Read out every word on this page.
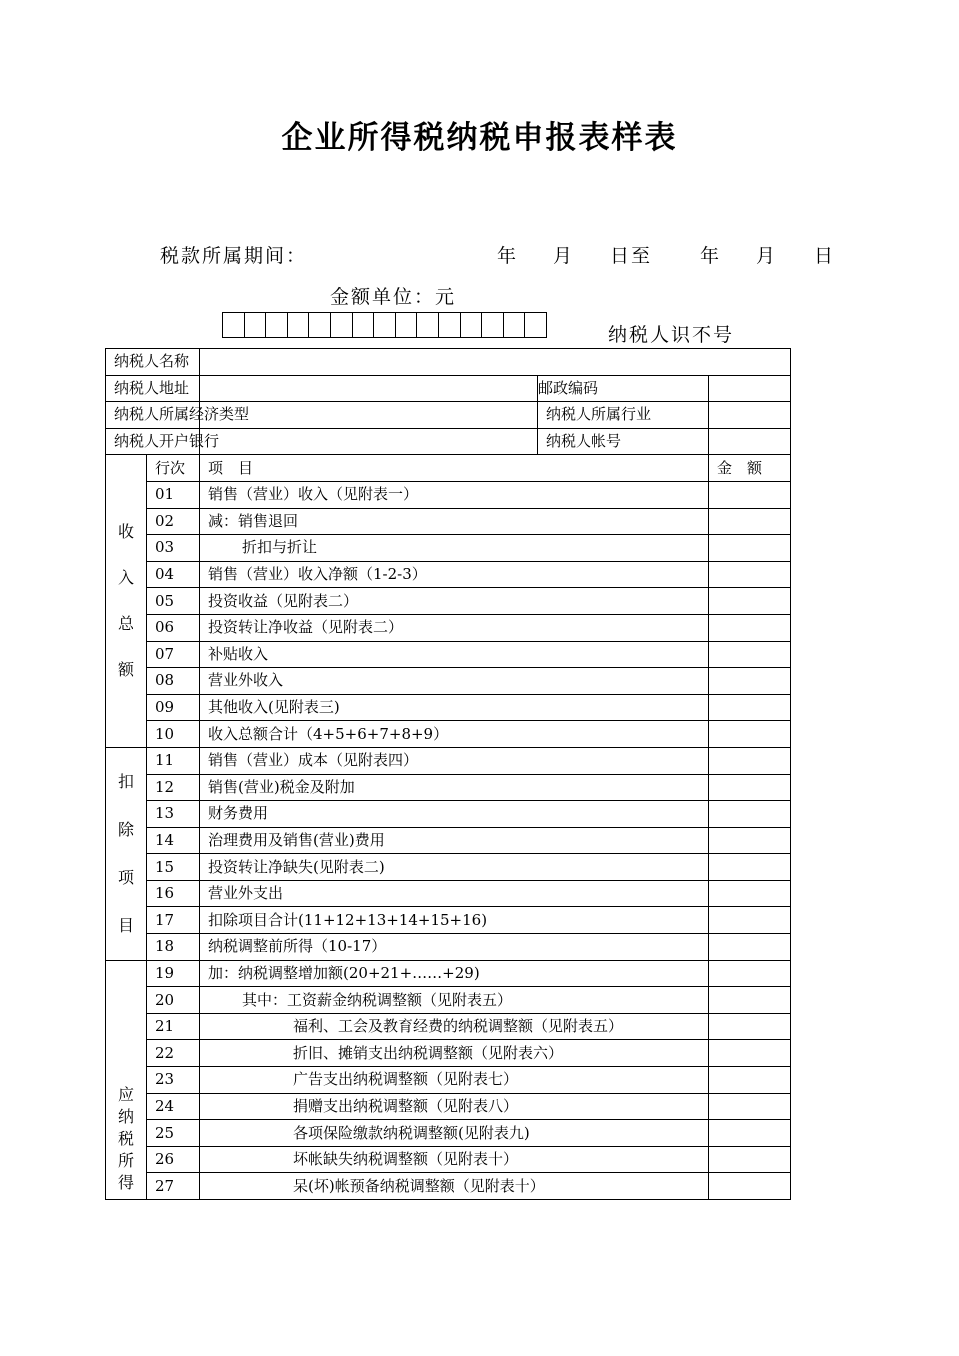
企业所得税纳税申报表样表
税款所属期间：	年 月 日至	年 月 日
金额单位：元
纳税人识不号
纳税人名称				
纳税人地址			邮政编码	
纳税人所属经济类型			纳税人所属行业	
纳税人开户银行			纳税人帐号	

收
入
总
额	行次	项　目		金　额
	01	销售（营业）收入（见附表一）		
	02	减：销售退回		
	03	折扣与折让		
	04	销售（营业）收入净额（1-2-3）		
	05	投资收益（见附表二）		
	06	投资转让净收益（见附表二）		
	07	补贴收入		
	08	营业外收入		
	09	其他收入(见附表三)		
	10	收入总额合计（4+5+6+7+8+9）		

扣
除
项
目	11	销售（营业）成本（见附表四）		
	12	销售(营业)税金及附加		
	13	财务费用		
	14	治理费用及销售(营业)费用		
	15	投资转让净缺失(见附表二)		
	16	营业外支出		
	17	扣除项目合计(11+12+13+14+15+16)		
	18	纳税调整前所得（10-17）		

应
纳
税
所
得	19	加：纳税调整增加额(20+21+……+29)		
	20	其中：工资薪金纳税调整额（见附表五）		
	21	福利、工会及教育经费的纳税调整额（见附表五）		
	22	折旧、摊销支出纳税调整额（见附表六）		
	23	广告支出纳税调整额（见附表七）		
	24	捐赠支出纳税调整额（见附表八）		
	25	各项保险缴款纳税调整额(见附表九)		
	26	坏帐缺失纳税调整额（见附表十）		
	27	呆(坏)帐预备纳税调整额（见附表十）		
